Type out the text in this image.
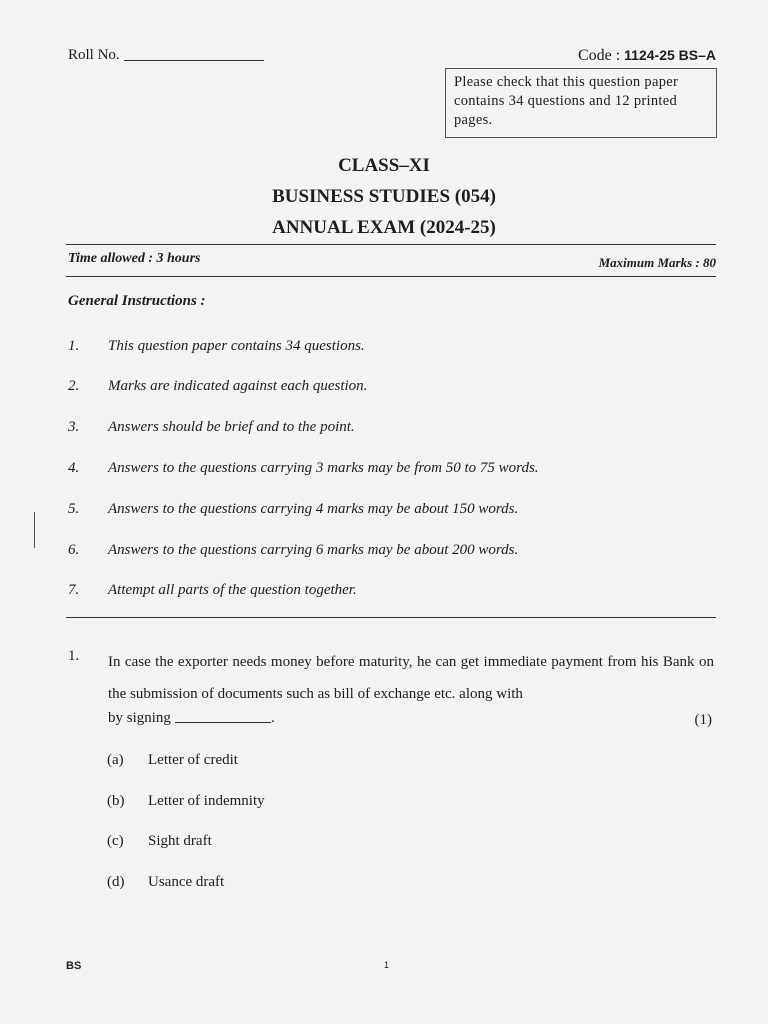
Roll No.	Code : 1124-25 BS–A
Please check that this question paper contains 34 questions and 12 printed pages.
CLASS–XI
BUSINESS STUDIES (054)
ANNUAL EXAM (2024-25)
Time allowed : 3 hours	Maximum Marks : 80
General Instructions :
1. This question paper contains 34 questions.
2. Marks are indicated against each question.
3. Answers should be brief and to the point.
4. Answers to the questions carrying 3 marks may be from 50 to 75 words.
5. Answers to the questions carrying 4 marks may be about 150 words.
6. Answers to the questions carrying 6 marks may be about 200 words.
7. Attempt all parts of the question together.
1. In case the exporter needs money before maturity, he can get immediate payment from his Bank on the submission of documents such as bill of exchange etc. along with
by signing	.	(1)
(a) Letter of credit
(b) Letter of indemnity
(c) Sight draft
(d) Usance draft
BS	1
